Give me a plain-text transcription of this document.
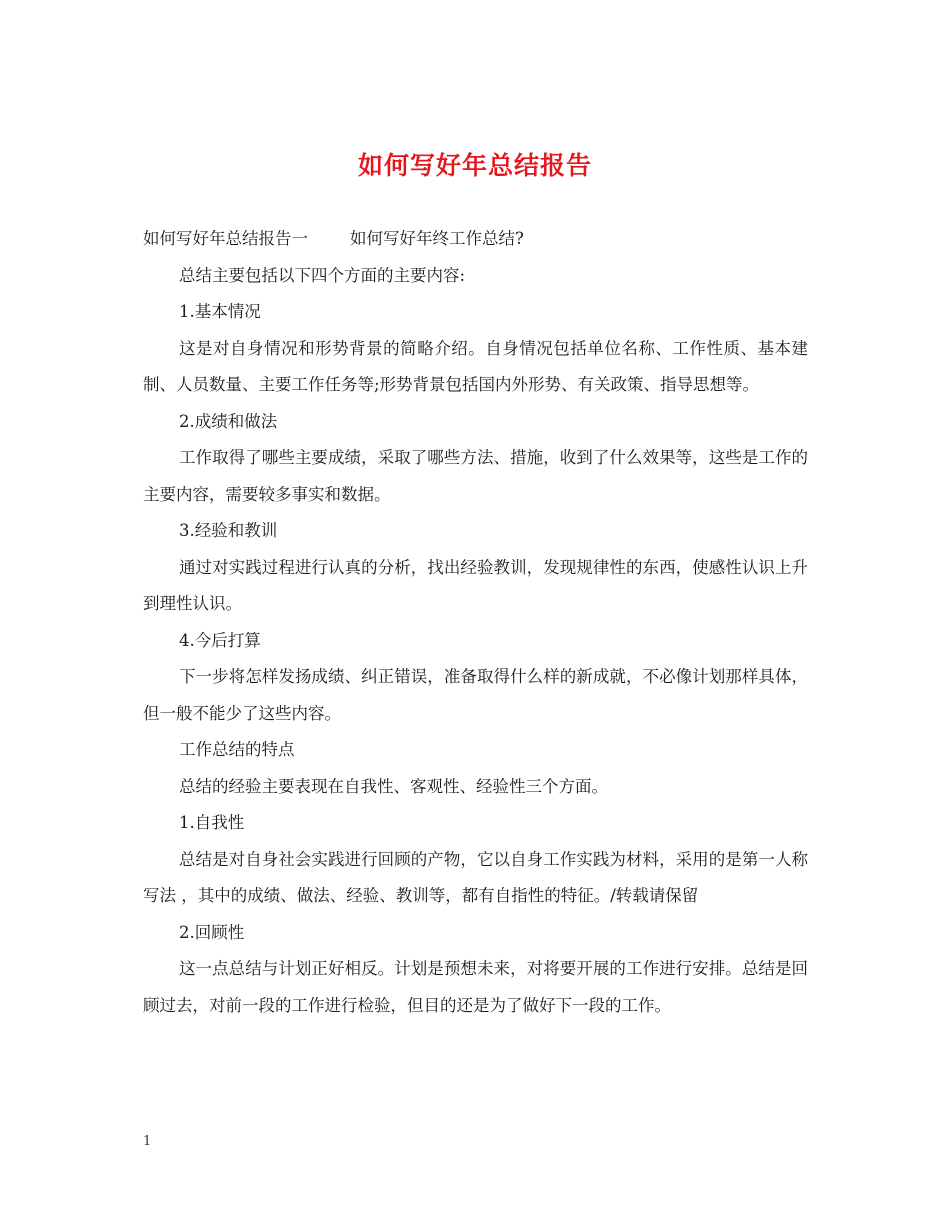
如何写好年总结报告

如何写好年总结报告一	如何写好年终工作总结?

总结主要包括以下四个方面的主要内容:

1.基本情况

这是对自身情况和形势背景的简略介绍。自身情况包括单位名称、工作性质、基本建制、人员数量、主要工作任务等;形势背景包括国内外形势、有关政策、指导思想等。

2.成绩和做法

工作取得了哪些主要成绩，采取了哪些方法、措施，收到了什么效果等，这些是工作的主要内容，需要较多事实和数据。

3.经验和教训

通过对实践过程进行认真的分析，找出经验教训，发现规律性的东西，使感性认识上升到理性认识。

4.今后打算

下一步将怎样发扬成绩、纠正错误，准备取得什么样的新成就，不必像计划那样具体，但一般不能少了这些内容。

工作总结的特点

总结的经验主要表现在自我性、客观性、经验性三个方面。

1.自我性

总结是对自身社会实践进行回顾的产物，它以自身工作实践为材料，采用的是第一人称写法 ，其中的成绩、做法、经验、教训等，都有自指性的特征。/转载请保留

2.回顾性

这一点总结与计划正好相反。计划是预想未来，对将要开展的工作进行安排。总结是回顾过去，对前一段的工作进行检验，但目的还是为了做好下一段的工作。

1
